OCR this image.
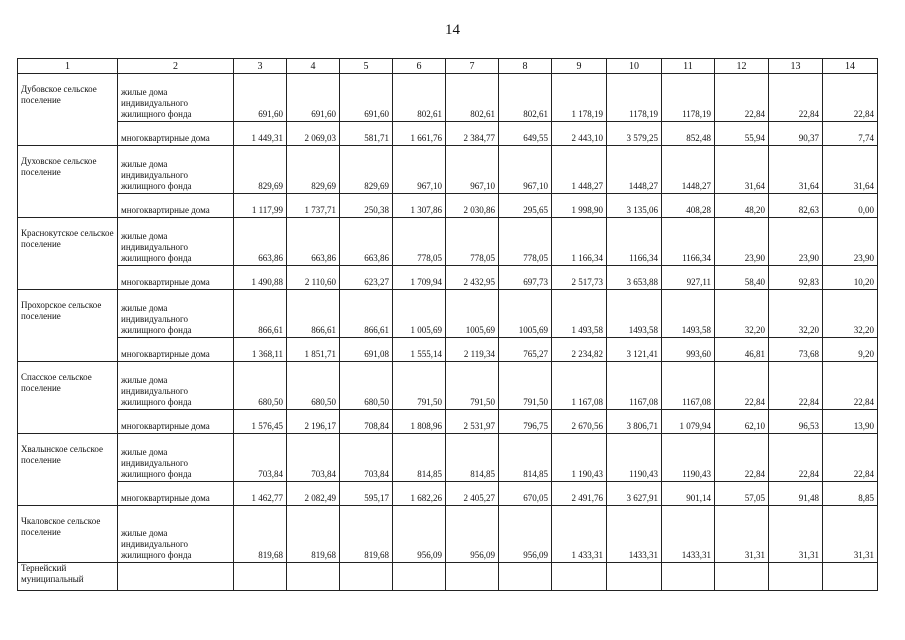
14
1	2	3	4	5	6	7	8	9	10	11	12	13	14
Дубовское сельское поселение	жилые дома индивидуального жилищного фонда	691,60	691,60	691,60	802,61	802,61	802,61	1 178,19	1178,19	1178,19	22,84	22,84	22,84
	многоквартирные дома	1 449,31	2 069,03	581,71	1 661,76	2 384,77	649,55	2 443,10	3 579,25	852,48	55,94	90,37	7,74
Духовское сельское поселение	жилые дома индивидуального жилищного фонда	829,69	829,69	829,69	967,10	967,10	967,10	1 448,27	1448,27	1448,27	31,64	31,64	31,64
	многоквартирные дома	1 117,99	1 737,71	250,38	1 307,86	2 030,86	295,65	1 998,90	3 135,06	408,28	48,20	82,63	0,00
Краснокутское сельское поселение	жилые дома индивидуального жилищного фонда	663,86	663,86	663,86	778,05	778,05	778,05	1 166,34	1166,34	1166,34	23,90	23,90	23,90
	многоквартирные дома	1 490,88	2 110,60	623,27	1 709,94	2 432,95	697,73	2 517,73	3 653,88	927,11	58,40	92,83	10,20
Прохорское сельское поселение	жилые дома индивидуального жилищного фонда	866,61	866,61	866,61	1 005,69	1005,69	1005,69	1 493,58	1493,58	1493,58	32,20	32,20	32,20
	многоквартирные дома	1 368,11	1 851,71	691,08	1 555,14	2 119,34	765,27	2 234,82	3 121,41	993,60	46,81	73,68	9,20
Спасское сельское поселение	жилые дома индивидуального жилищного фонда	680,50	680,50	680,50	791,50	791,50	791,50	1 167,08	1167,08	1167,08	22,84	22,84	22,84
	многоквартирные дома	1 576,45	2 196,17	708,84	1 808,96	2 531,97	796,75	2 670,56	3 806,71	1 079,94	62,10	96,53	13,90
Хвалынское сельское поселение	жилые дома индивидуального жилищного фонда	703,84	703,84	703,84	814,85	814,85	814,85	1 190,43	1190,43	1190,43	22,84	22,84	22,84
	многоквартирные дома	1 462,77	2 082,49	595,17	1 682,26	2 405,27	670,05	2 491,76	3 627,91	901,14	57,05	91,48	8,85
Чкаловское сельское поселение	жилые дома индивидуального жилищного фонда	819,68	819,68	819,68	956,09	956,09	956,09	1 433,31	1433,31	1433,31	31,31	31,31	31,31
Тернейский муниципальный													
